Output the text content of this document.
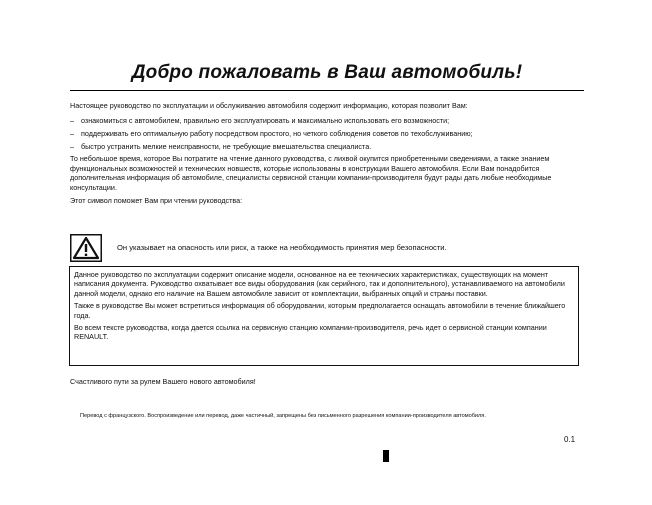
Добро пожаловать в Ваш автомобиль!

Настоящее руководство по эксплуатации и обслуживанию автомобиля содержит информацию, которая позволит Вам:

– ознакомиться с автомобилем, правильно его эксплуатировать и максимально использовать его возможности;

– поддерживать его оптимальную работу посредством простого, но четкого соблюдения советов по техобслуживанию;

– быстро устранить мелкие неисправности, не требующие вмешательства специалиста.

То небольшое время, которое Вы потратите на чтение данного руководства, с лихвой окупится приобретенными сведениями, а также знанием функциональных возможностей и технических новшеств, которые использованы в конструкции Вашего автомобиля. Если Вам понадобится дополнительная информация об автомобиле, специалисты сервисной станции компании-производителя будут рады дать любые необходимые консультации.

Этот символ поможет Вам при чтении руководства:

Он указывает на опасность или риск, а также на необходимость принятия мер безопасности.

Данное руководство по эксплуатации содержит описание модели, основанное на ее технических характеристиках, существующих на момент написания документа. Руководство охватывает все виды оборудования (как серийного, так и дополнительного), устанавливаемого на автомобили данной модели, однако его наличие на Вашем автомобиле зависит от комплектации, выбранных опций и страны поставки.

Также в руководстве Вы может встретиться информация об оборудовании, которым предполагается оснащать автомобили в течение ближайшего года.

Во всем тексте руководства, когда дается ссылка на сервисную станцию компании-производителя, речь идет о сервисной станции компании RENAULT.

Счастливого пути за рулем Вашего нового автомобиля!

Перевод с французского. Воспроизведение или перевод, даже частичный, запрещены без письменного разрешения компании-производителя автомобиля.

0.1
